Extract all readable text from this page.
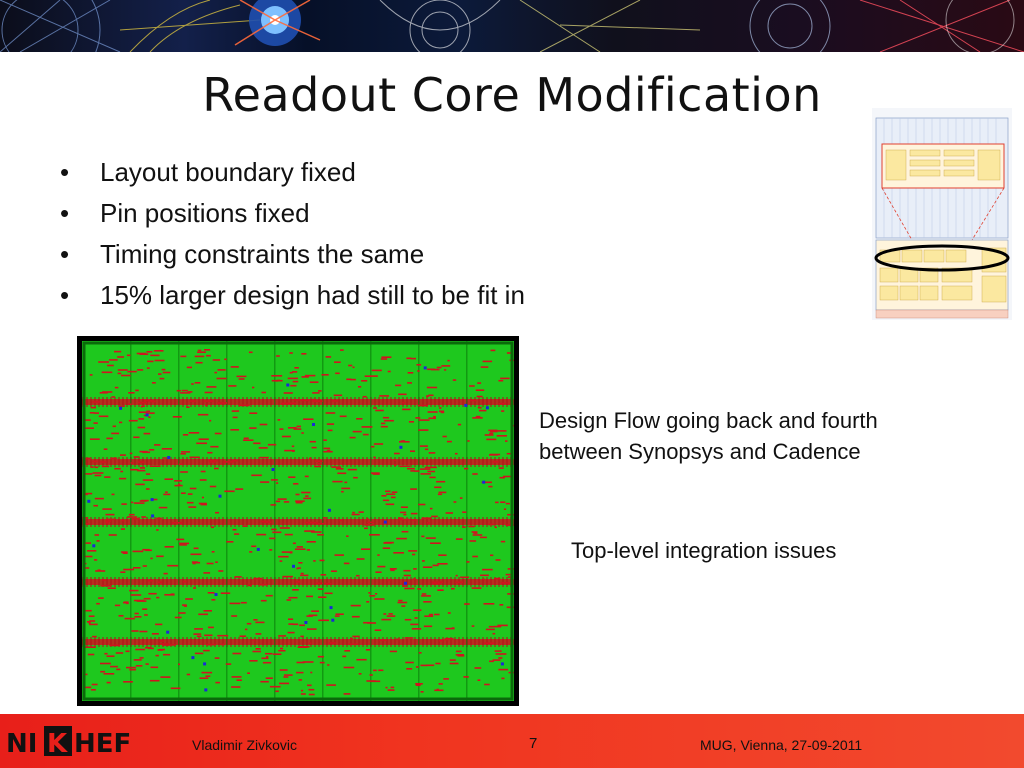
Readout Core Modification
• Layout boundary fixed
• Pin positions fixed
• Timing constraints the same
• 15% larger design had still to be fit in
Design Flow going back and fourth
between Synopsys and Cadence
Top-level integration issues
NI K HEF	Vladimir Zivkovic	7	MUG, Vienna, 27-09-2011
